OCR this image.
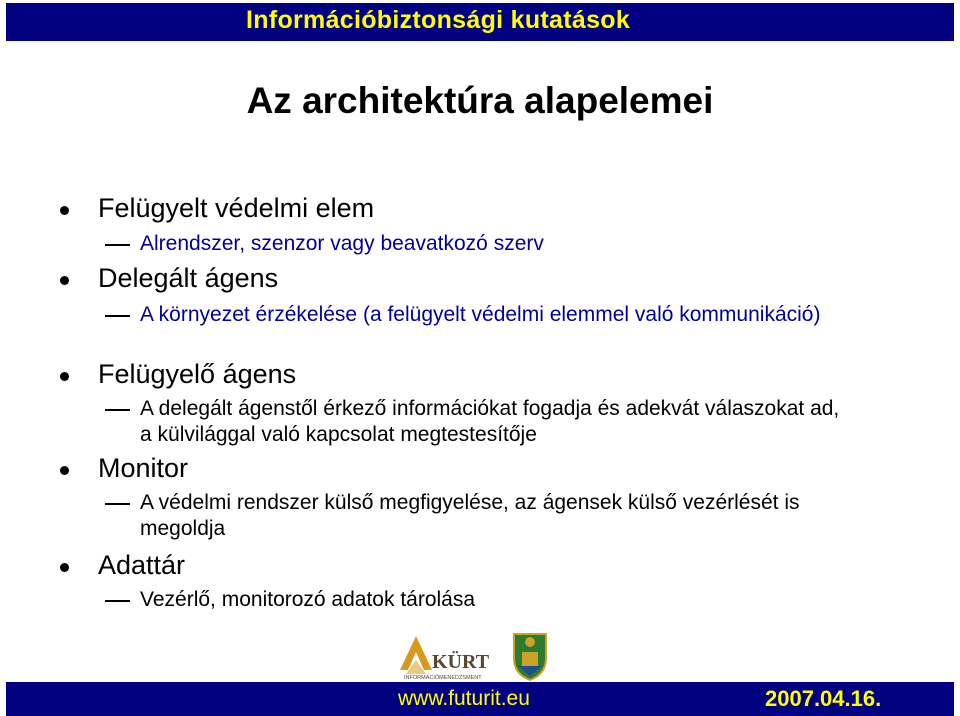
Információbiztonsági kutatások
Az architektúra alapelemei
Felügyelt védelmi elem
Alrendszer, szenzor vagy beavatkozó szerv
Delegált ágens
A környezet érzékelése (a felügyelt védelmi elemmel való kommunikáció)
Felügyelő ágens
A delegált ágenstől érkező információkat fogadja és adekvát válaszokat ad, a külvilággal való kapcsolat megtestesítője
Monitor
A védelmi rendszer külső megfigyelése, az ágensek külső vezérlését is megoldja
Adattár
Vezérlő, monitorozó adatok tárolása
KÜRT
INFORMÁCIÓMENEDZSMENT
www.futurit.eu	2007.04.16.
